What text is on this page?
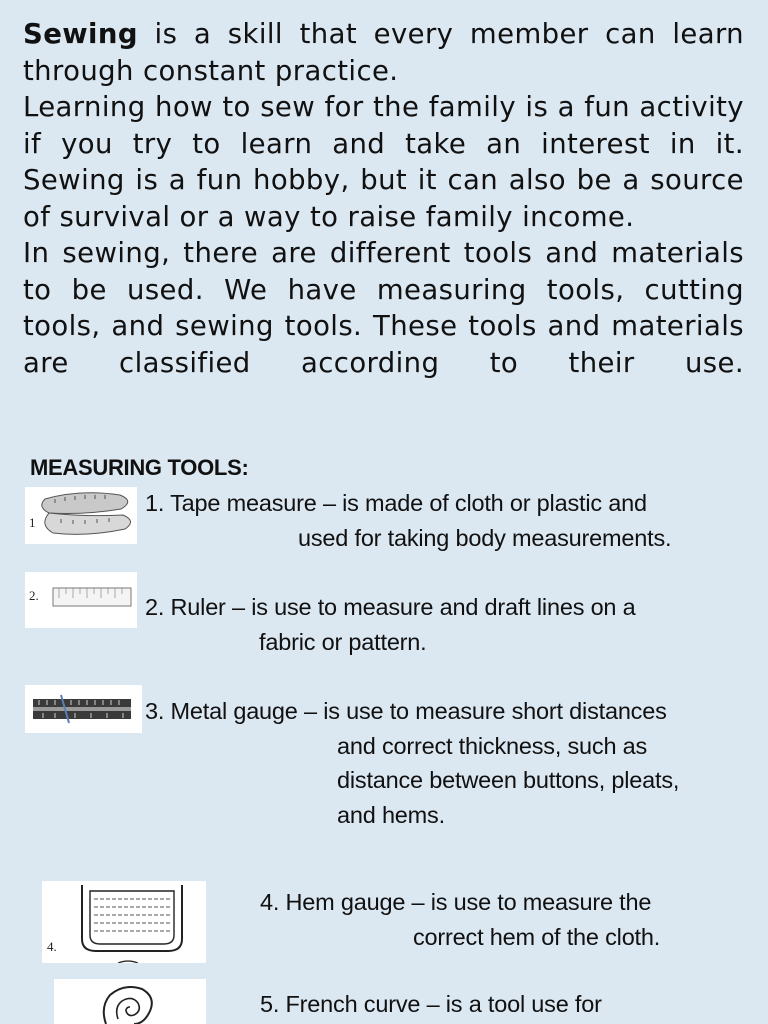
Sewing is a skill that every member can learn through constant practice.

Learning how to sew for the family is a fun activity if you try to learn and take an interest in it. Sewing is a fun hobby, but it can also be a source of survival or a way to raise family income.

In sewing, there are different tools and materials to be used. We have measuring tools, cutting tools, and sewing tools. These tools and materials are classified according to their use.

MEASURING TOOLS:
1
1. Tape measure – is made of cloth or plastic and
used for taking body measurements.
2.	2. Ruler – is use to measure and draft lines on a
fabric or pattern.
3. Metal gauge – is use to measure short distances
and correct thickness, such as
distance between buttons, pleats,
and hems.
4.
4. Hem gauge – is use to measure the
correct hem of the cloth.
5. French curve – is a tool use for
